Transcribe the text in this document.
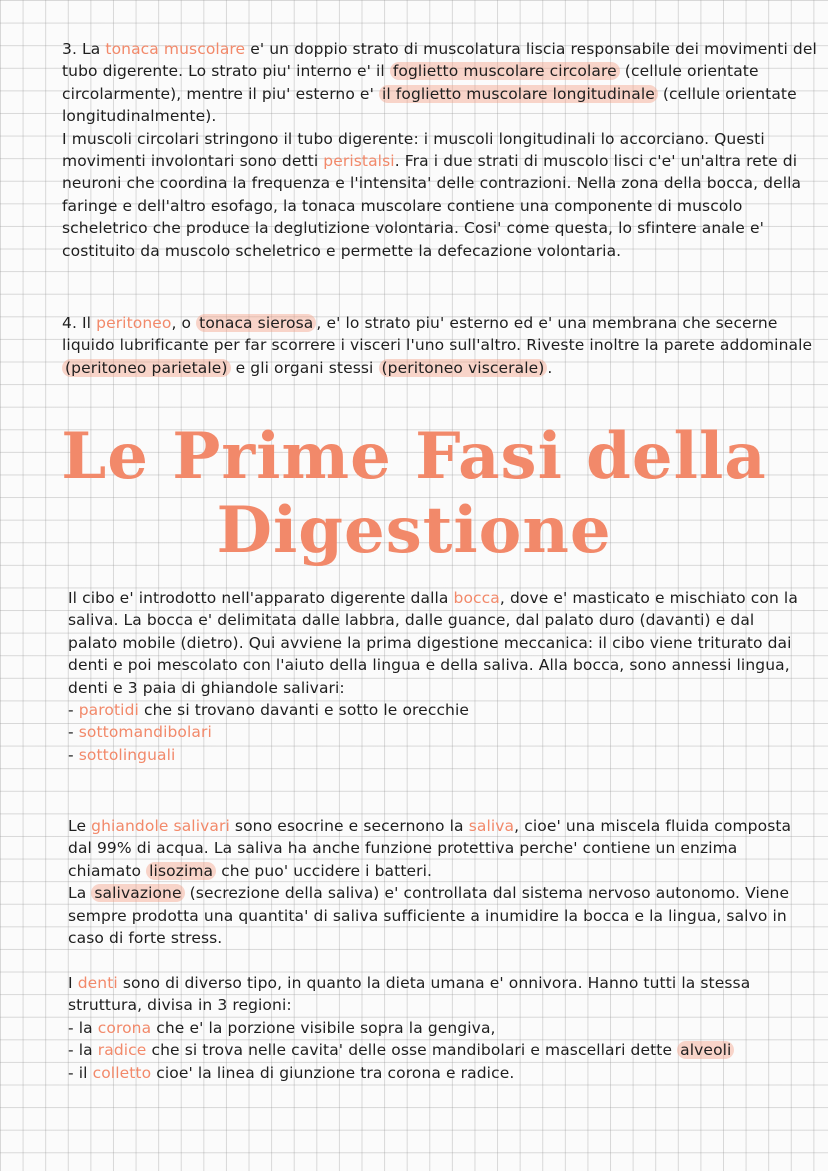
3. La tonaca muscolare e' un doppio strato di muscolatura liscia responsabile dei movimenti del tubo digerente. Lo strato piu' interno e' il foglietto muscolare circolare (cellule orientate circolarmente), mentre il piu' esterno e' il foglietto muscolare longitudinale (cellule orientate longitudinalmente).
I muscoli circolari stringono il tubo digerente: i muscoli longitudinali lo accorciano. Questi movimenti involontari sono detti peristalsi. Fra i due strati di muscolo lisci c'e' un'altra rete di neuroni che coordina la frequenza e l'intensita' delle contrazioni. Nella zona della bocca, della faringe e dell'altro esofago, la tonaca muscolare contiene una componente di muscolo scheletrico che produce la deglutizione volontaria. Cosi' come questa, lo sfintere anale e' costituito da muscolo scheletrico e permette la defecazione volontaria.

4. Il peritoneo, o tonaca sierosa , e' lo strato piu' esterno ed e' una membrana che secerne liquido lubrificante per far scorrere i visceri l'uno sull'altro. Riveste inoltre la parete addominale (peritoneo parietale) e gli organi stessi (peritoneo viscerale) .

Le Prime Fasi della
Digestione

Il cibo e' introdotto nell'apparato digerente dalla bocca, dove e' masticato e mischiato con la saliva. La bocca e' delimitata dalle labbra, dalle guance, dal palato duro (davanti) e dal palato mobile (dietro). Qui avviene la prima digestione meccanica: il cibo viene triturato dai denti e poi mescolato con l'aiuto della lingua e della saliva. Alla bocca, sono annessi lingua, denti e 3 paia di ghiandole salivari:

- parotidi che si trovano davanti e sotto le orecchie

- sottomandibolari

- sottolinguali

Le ghiandole salivari sono esocrine e secernono la saliva, cioe' una miscela fluida composta dal 99% di acqua. La saliva ha anche funzione protettiva perche' contiene un enzima chiamato lisozima che puo' uccidere i batteri.
La salivazione (secrezione della saliva) e' controllata dal sistema nervoso autonomo. Viene sempre prodotta una quantita' di saliva sufficiente a inumidire la bocca e la lingua, salvo in caso di forte stress.

I denti sono di diverso tipo, in quanto la dieta umana e' onnivora. Hanno tutti la stessa struttura, divisa in 3 regioni:

- la corona che e' la porzione visibile sopra la gengiva,

- la radice che si trova nelle cavita' delle osse mandibolari e mascellari dette alveoli

- il colletto cioe' la linea di giunzione tra corona e radice.
